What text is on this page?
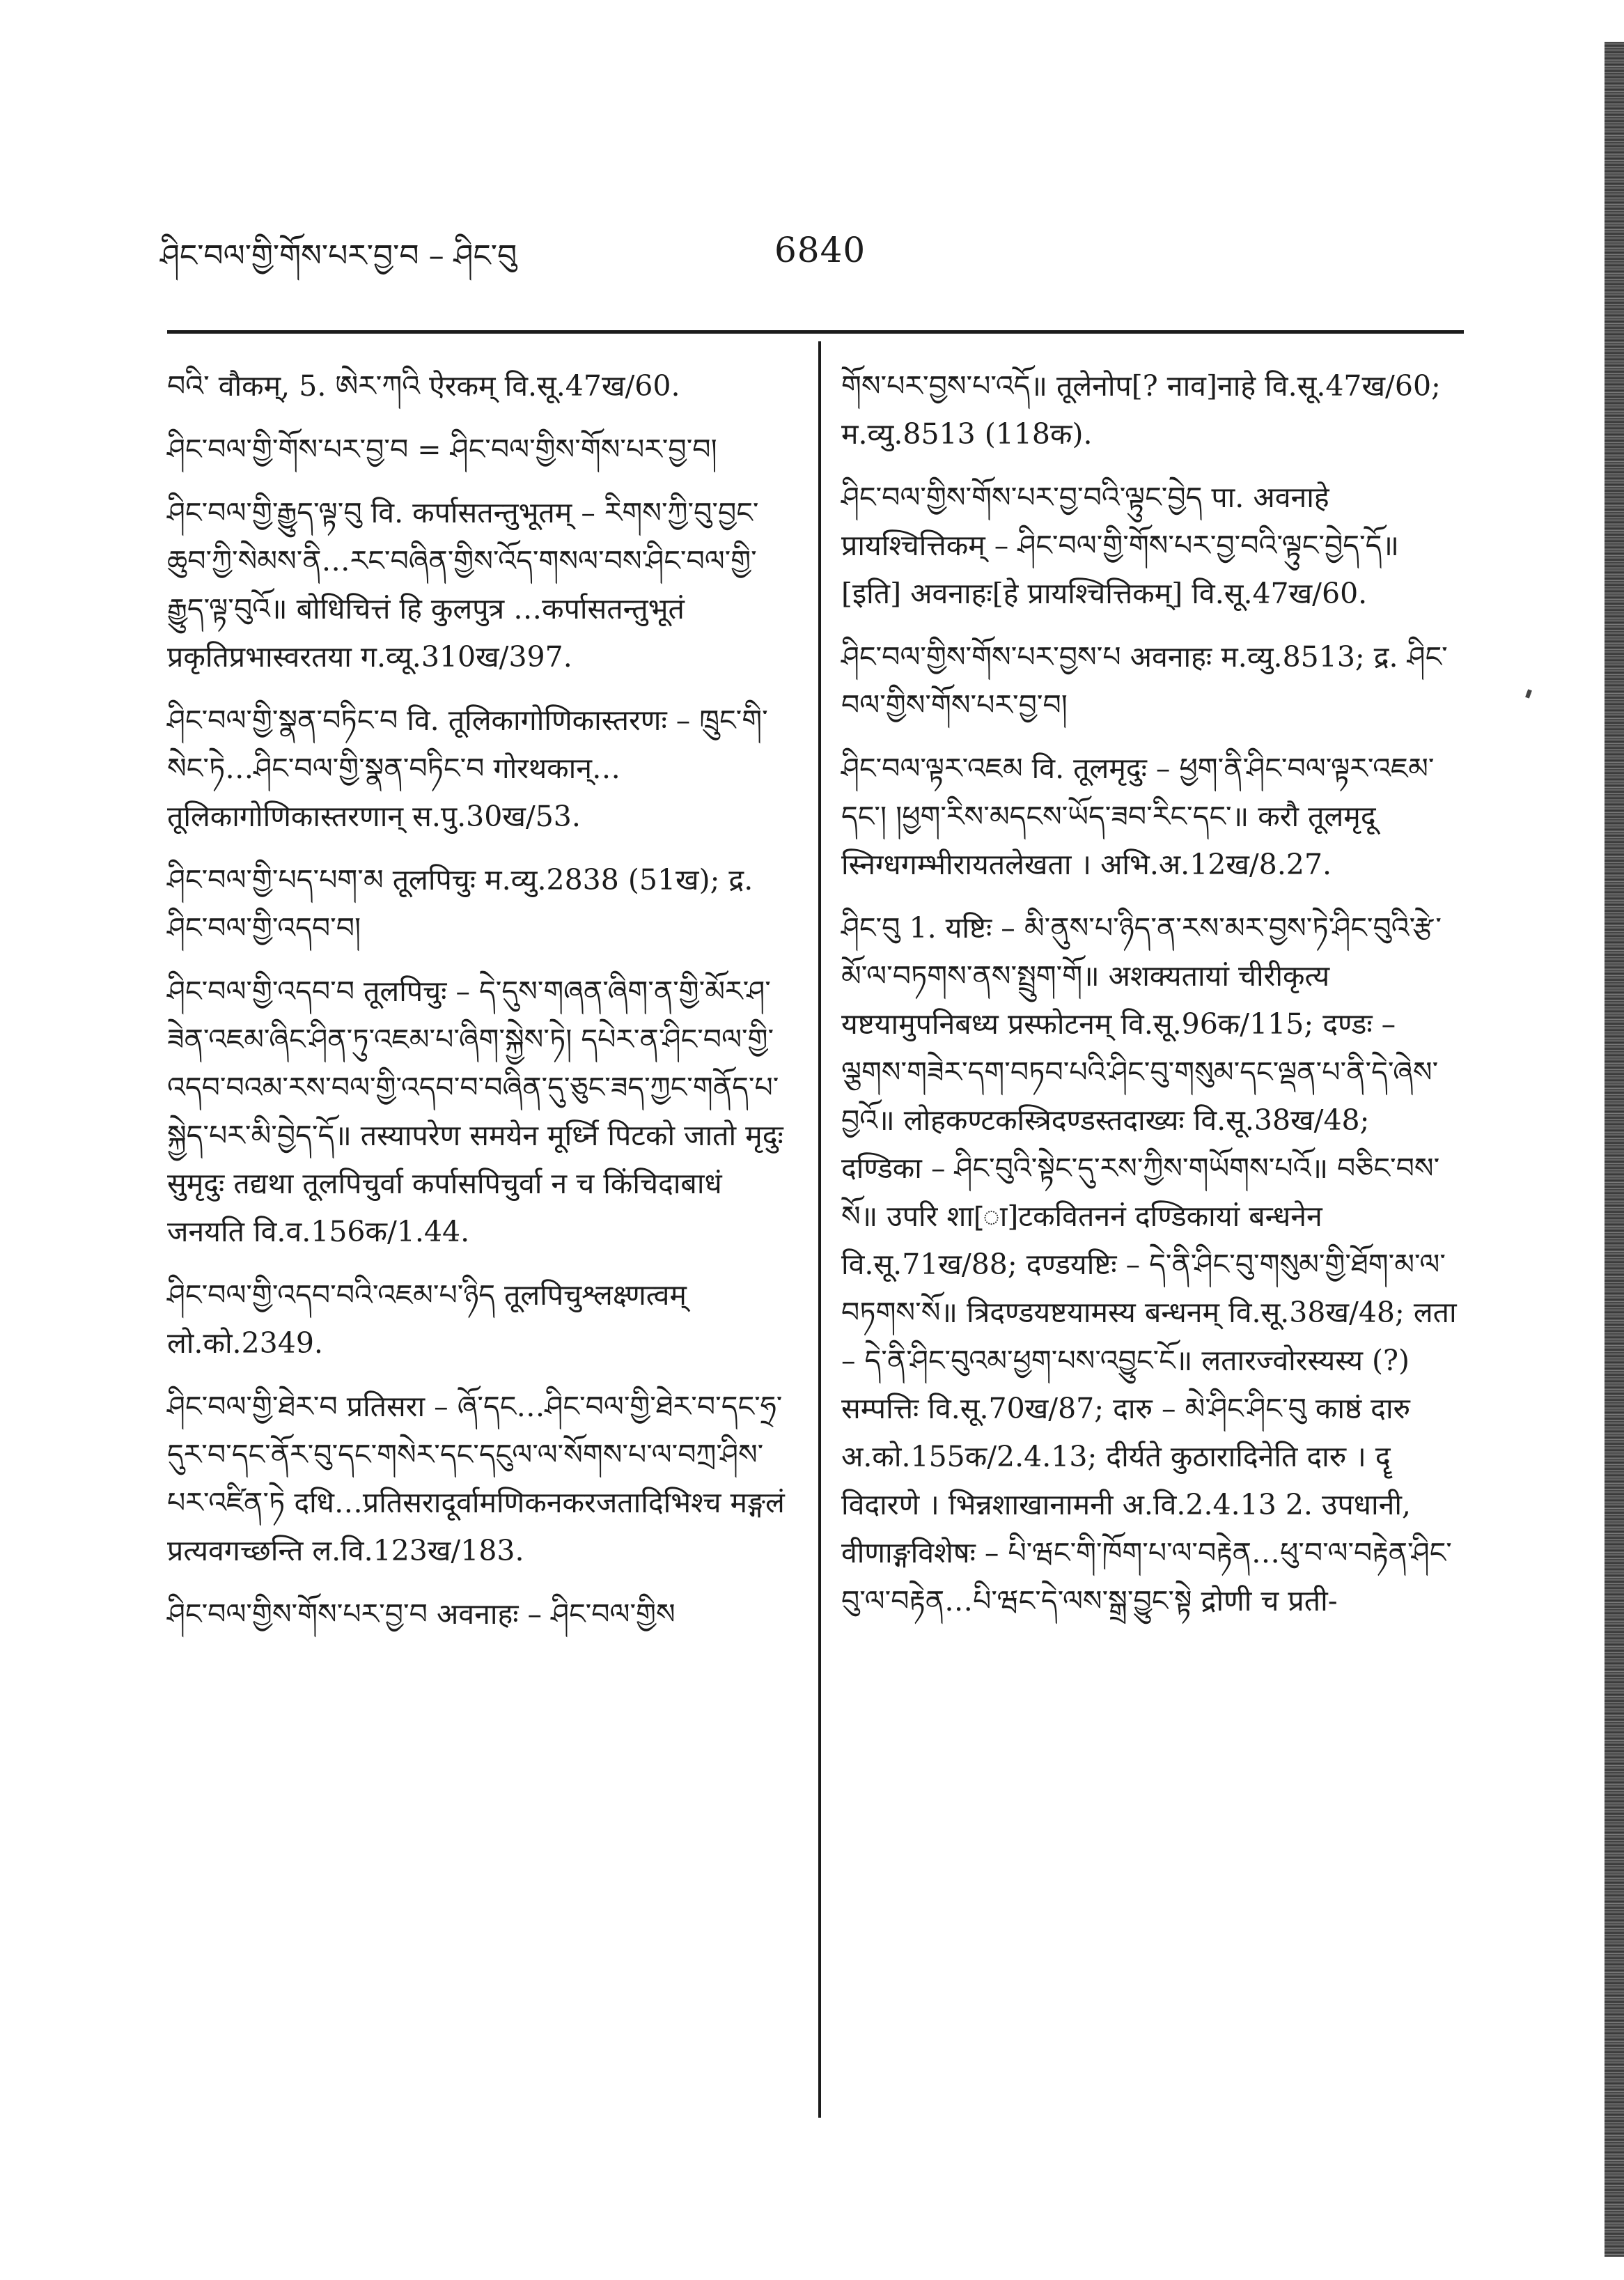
ཤིང་བལ་གྱི་གོས་པར་བྱ་བ – ཤིང་བུ	6840
བའི་ वौकम्, 5. ཨེར་ཀའི ऐरकम् वि.सू.47ख/60.
ཤིང་བལ་གྱི་གོས་པར་བྱ་བ = ཤིང་བལ་གྱིས་གོས་པར་བྱ་བ།
ཤིང་བལ་གྱི་རྒྱུད་ལྟ་བུ वि. कर्पासतन्तुभूतम् – རིགས་ཀྱི་བུ་བྱང་ཆུབ་ཀྱི་སེམས་ནི…རང་བཞིན་གྱིས་འོད་གསལ་བས་ཤིང་བལ་གྱི་རྒྱུད་ལྟ་བུའོ॥ बोधिचित्तं हि कुलपुत्र …कर्पासतन्तुभूतं प्रकृतिप्रभास्वरतया ग.व्यू.310ख/397.
ཤིང་བལ་གྱི་སྣན་བཏིང་བ वि. तूलिकागोणिकास्तरणः – ཁྲུང་གི་སེང་ཏེ…ཤིང་བལ་གྱི་སྣན་བཏིང་བ गोरथकान्…तूलिकागोणिकास्तरणान् स.पु.30ख/53.
ཤིང་བལ་གྱི་པད་པག་མ तूलपिचुः म.व्यु.2838 (51ख); द्र. ཤིང་བལ་གྱི་འདབ་བ།
ཤིང་བལ་གྱི་འདབ་བ तूलपिचुः – དེ་དུས་གཞན་ཞིག་ན་གྱི་མོར་ཤ་ཟེན་འཇམ་ཞིང་ཤིན་ཏུ་འཇམ་པ་ཞིག་སྐྱེས་ཏེ། དཔེར་ན་ཤིང་བལ་གྱི་འདབ་བའམ་རས་བལ་གྱི་འདབ་བ་བཞིན་དུ་ཅུང་ཟད་ཀྱང་གནོད་པ་སྐྱེད་པར་མི་བྱེད་དོ॥ तस्यापरेण समयेन मूर्ध्नि पिटको जातो मृदुः सुमृदुः तद्यथा तूलपिचुर्वा कर्पासपिचुर्वा न च किंचिदाबाधं जनयति वि.व.156क/1.44.
ཤིང་བལ་གྱི་འདབ་བའི་འཇམ་པ་ཉིད तूलपिचुश्लक्ष्णत्वम् लो.को.2349.
ཤིང་བལ་གྱི་ཐེར་བ प्रतिसरा – ཞོ་དང…ཤིང་བལ་གྱི་ཐེར་བ་དང་ཧྲ་དུར་བ་དང་ནོར་བུ་དང་གསེར་དང་དངུལ་ལ་སོགས་པ་ལ་བཀྲ་ཤིས་པར་འཛིན་ཏེ दधि…प्रतिसरादूर्वामणिकनकरजतादिभिश्च मङ्गलं प्रत्यवगच्छन्ति ल.वि.123ख/183.
ཤིང་བལ་གྱིས་གོས་པར་བྱ་བ अवनाहः – ཤིང་བལ་གྱིས
གོས་པར་བྱས་པ་འདོ॥ तूलेनोप[? नाव]नाहे वि.सू.47ख/60; म.व्यु.8513 (118क).
ཤིང་བལ་གྱིས་གོས་པར་བྱ་བའི་ལྟུང་བྱེད पा. अवनाहे प्रायश्चित्तिकम् – ཤིང་བལ་གྱི་གོས་པར་བྱ་བའི་ལྟུང་བྱེད་དོ॥ [इति] अवनाहः[हे प्रायश्चित्तिकम्] वि.सू.47ख/60.
ཤིང་བལ་གྱིས་གོས་པར་བྱས་པ अवनाहः म.व्यु.8513; द्र. ཤིང་བལ་གྱིས་གོས་པར་བྱ་བ།
ཤིང་བལ་ལྟར་འཇམ वि. तूलमृदुः – ཕྱག་ནི་ཤིང་བལ་ལྟར་འཇམ་དང་། །ཕྱག་རིས་མདངས་ཡོད་ཟབ་རིང་དང་॥ करौ तूलमृदू स्निग्धगम्भीरायतलेखता । अभि.अ.12ख/8.27.
ཤིང་བུ 1. यष्टिः – མི་ནུས་པ་ཉིད་ན་རས་མར་བྱས་ཏེ་ཤིང་བུའི་རྩེ་མོ་ལ་བཏགས་ནས་སྤྲུག་གོ॥ अशक्यतायां चीरीकृत्य यष्टयामुपनिबध्य प्रस्फोटनम् वि.सू.96क/115; दण्डः – ལྕགས་གཟེར་དག་བཏབ་པའི་ཤིང་བུ་གསུམ་དང་ལྡན་པ་ནི་དེ་ཞེས་བྱའོ॥ लोहकण्टकस्त्रिदण्डस्तदाख्यः वि.सू.38ख/48; दण्डिका – ཤིང་བུའི་སྟེང་དུ་རས་ཀྱིས་གཡོགས་པའོ॥ བཅིང་བས་སོ॥ उपरि शा[ा]टकवितननं दण्डिकायां बन्धनेन वि.सू.71ख/88; दण्डयष्टिः – དེ་ནི་ཤིང་བུ་གསུམ་གྱི་ཐོག་མ་ལ་བཏགས་སོ॥ त्रिदण्डयष्टयामस्य बन्धनम् वि.सू.38ख/48; लता – དེ་ནི་ཤིང་བུའམ་ཕྱག་པས་འབྱུང་ངོ॥ लतारज्वोरस्यस्य (?) सम्पत्तिः वि.सू.70ख/87; दारु – མེ་ཤིང་ཤིང་བུ काष्ठं दारु अ.को.155क/2.4.13; दीर्यते कुठारादिनेति दारु । दॄ विदारणे । भिन्नशाखानामनी अ.वि.2.4.13 2. उपधानी, वीणाङ्गविशेषः – པི་ཝང་གི་ཁོག་པ་ལ་བརྟེན…ཕུ་བ་ལ་བརྟེན་ཤིང་བུ་ལ་བརྟེན…པི་ཝང་དེ་ལས་སྒྲ་བྱུང་སྟེ द्रोणी च प्रती-
